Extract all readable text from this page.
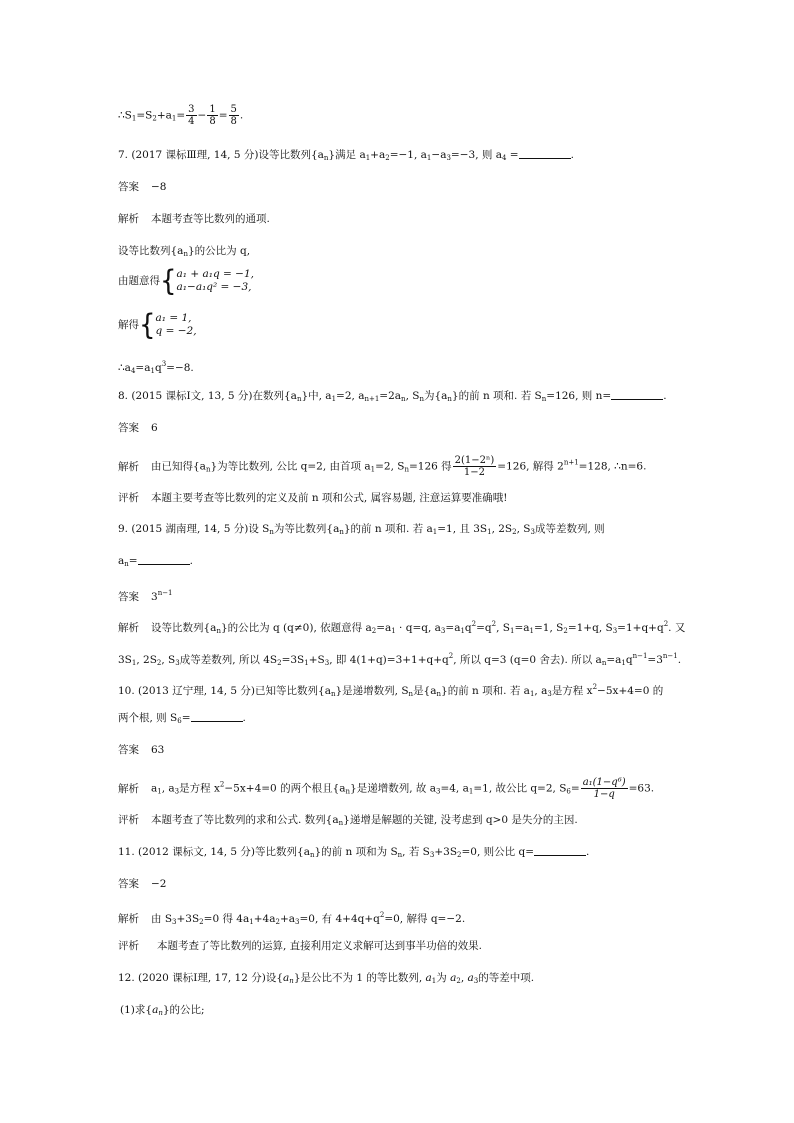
$\therefore S_1=S_2+a_1= \frac{3}{4} - \frac{1}{8} = \frac{5}{8}$ .
7. (2017 课标Ⅲ理, 14, 5 分)设等比数列$\{a_n\}$满足 $a_1+a_2=-1$, $a_1-a_3=-3$, 则 $a_4$ =	.
答案 −8
解析 本题考查等比数列的通项.
设等比数列$\{a_n\}$的公比为 q,
由题意得{ a₁ + a₁q = −1,
a₁−a₁q² = −3,
解得{ a₁ = 1,
q = −2,
$\therefore a_4=a_1q^3=-8$.
8. (2015 课标Ⅰ文, 13, 5 分)在数列$\{a_n\}$中, $a_1=2$, $a_{n+1}=2a_n$, $S_n$为$\{a_n\}$的前 n 项和. 若 $S_n=126$, 则 n=	.
答案 6
解析 由已知得$\{a_n\}$为等比数列, 公比 q=2, 由首项 $a_1=2$, $S_n=126$ 得 $\frac{\text{2(1−2ⁿ)}}{1-2} =126$, 解得 $2^{n+1}=128$, ∴n=6.
评析 本题主要考查等比数列的定义及前 n 项和公式, 属容易题, 注意运算要准确哦!
9. (2015 湖南理, 14, 5 分)设 $S_n$为等比数列$\{a_n\}$的前 n 项和. 若 $a_1=1$, 且 $3S_1$, $2S_2$, $S_3$成等差数列, 则
$a_n=$	.
答案 $3^{n-1}$
解析 设等比数列$\{a_n\}$的公比为 q (q≠0), 依题意得 $a_2=a_1 \cdot q=q$, $a_3=a_1q^2=q^2$, $S_1=a_1=1$, $S_2=1+q$, $S_3=1+q+q^2$. 又
$3S_1$, $2S_2$, $S_3$成等差数列, 所以 $4S_2=3S_1+S_3$, 即 $4(1+q)=3+1+q+q^2$, 所以 q=3 (q=0 舍去). 所以 $a_n=a_1q^{n-1}=3^{n-1}$.
10. (2013 辽宁理, 14, 5 分)已知等比数列$\{a_n\}$是递增数列, $S_n$是$\{a_n\}$的前 n 项和. 若 $a_1$, $a_3$是方程 $x^2-5x+4=0$ 的
两个根, 则 $S_6=$	.
答案 63
解析 $a_1$, $a_3$是方程 $x^2-5x+4=0$ 的两个根且$\{a_n\}$是递增数列, 故 $a_3=4$, $a_1=1$, 故公比 q=2, $S_6= \frac{\text{a₁(1−q⁶)}}{1-q} =63$.
评析 本题考查了等比数列的求和公式. 数列$\{a_n\}$递增是解题的关键, 没考虑到 q>0 是失分的主因.
11. (2012 课标文, 14, 5 分)等比数列$\{a_n\}$的前 n 项和为 $S_n$, 若 $S_3+3S_2=0$, 则公比 q=	.
答案 −2
解析 由 $S_3+3S_2=0$ 得 $4a_1+4a_2+a_3=0$, 有 $4+4q+q^2=0$, 解得 q=−2.
评析 本题考查了等比数列的运算, 直接利用定义求解可达到事半功倍的效果.
12. (2020 课标Ⅰ理, 17, 12 分)设$\{a_n\}$是公比不为 1 的等比数列, $a_1$为 $a_2$, $a_3$的等差中项.
(1)求$\{a_n\}$的公比;
